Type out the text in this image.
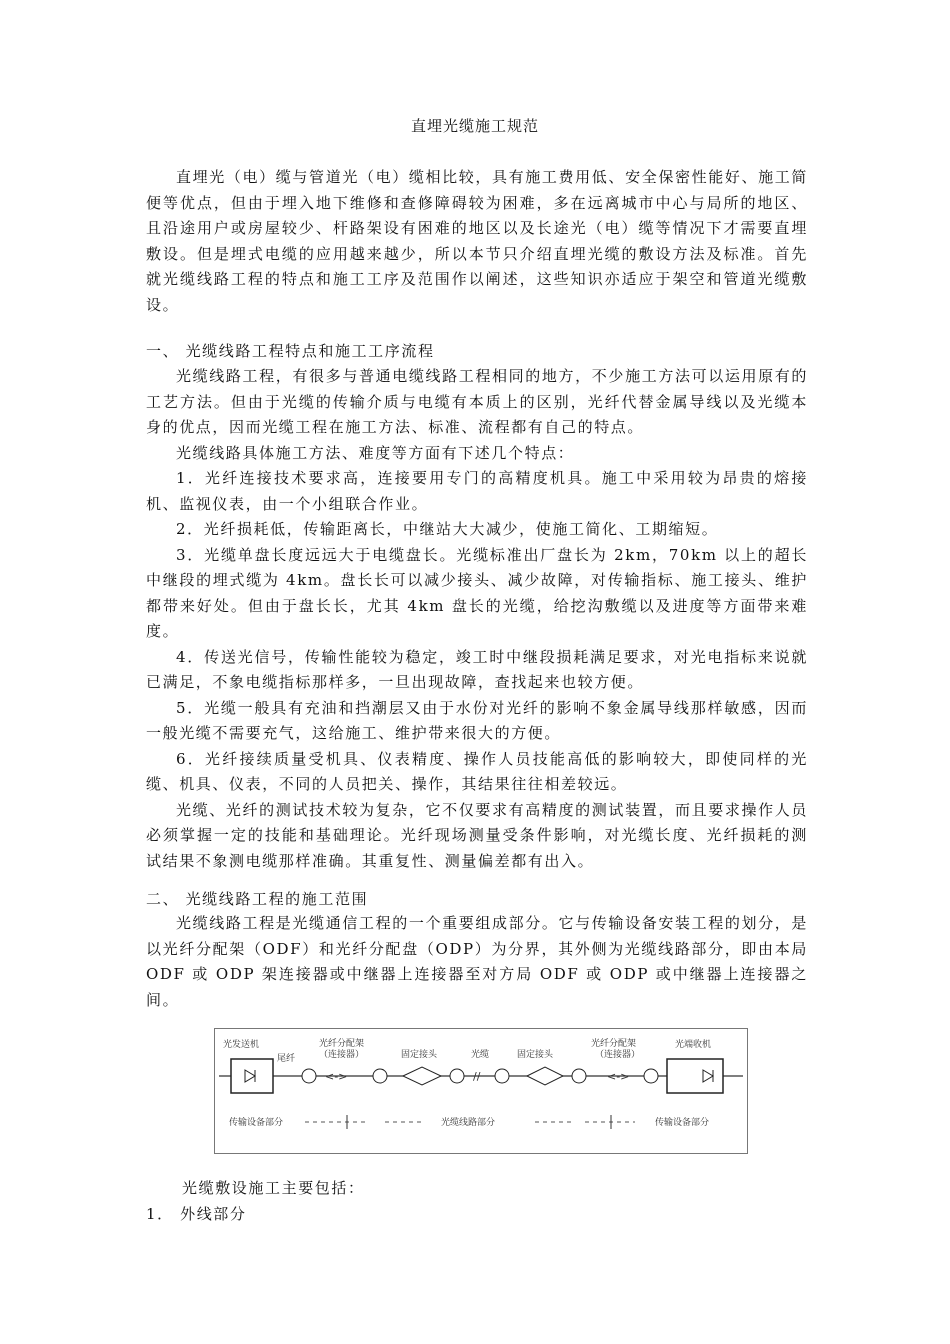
直埋光缆施工规范

直埋光（电）缆与管道光（电）缆相比较，具有施工费用低、安全保密性能好、施工简便等优点，但由于埋入地下维修和查修障碍较为困难，多在远离城市中心与局所的地区、且沿途用户或房屋较少、杆路架设有困难的地区以及长途光（电）缆等情况下才需要直埋敷设。但是埋式电缆的应用越来越少，所以本节只介绍直埋光缆的敷设方法及标准。首先就光缆线路工程的特点和施工工序及范围作以阐述，这些知识亦适应于架空和管道光缆敷设。

一、 光缆线路工程特点和施工工序流程

光缆线路工程，有很多与普通电缆线路工程相同的地方，不少施工方法可以运用原有的工艺方法。但由于光缆的传输介质与电缆有本质上的区别，光纤代替金属导线以及光缆本身的优点，因而光缆工程在施工方法、标准、流程都有自己的特点。

光缆线路具体施工方法、难度等方面有下述几个特点：

1．光纤连接技术要求高，连接要用专门的高精度机具。施工中采用较为昂贵的熔接机、监视仪表，由一个小组联合作业。

2．光纤损耗低，传输距离长，中继站大大减少，使施工简化、工期缩短。

3．光缆单盘长度远远大于电缆盘长。光缆标准出厂盘长为 2km，70km 以上的超长中继段的埋式缆为 4km。盘长长可以减少接头、减少故障，对传输指标、施工接头、维护都带来好处。但由于盘长长，尤其 4km 盘长的光缆，给挖沟敷缆以及进度等方面带来难度。

4．传送光信号，传输性能较为稳定，竣工时中继段损耗满足要求，对光电指标来说就已满足，不象电缆指标那样多，一旦出现故障，查找起来也较方便。

5．光缆一般具有充油和挡潮层又由于水份对光纤的影响不象金属导线那样敏感，因而一般光缆不需要充气，这给施工、维护带来很大的方便。

6．光纤接续质量受机具、仪表精度、操作人员技能高低的影响较大，即使同样的光缆、机具、仪表，不同的人员把关、操作，其结果往往相差较远。

光缆、光纤的测试技术较为复杂，它不仅要求有高精度的测试装置，而且要求操作人员必须掌握一定的技能和基础理论。光纤现场测量受条件影响，对光缆长度、光纤损耗的测试结果不象测电缆那样准确。其重复性、测量偏差都有出入。

二、 光缆线路工程的施工范围

光缆线路工程是光缆通信工程的一个重要组成部分。它与传输设备安装工程的划分，是以光纤分配架（ODF）和光纤分配盘（ODP）为分界，其外侧为光缆线路部分，即由本局 ODF 或 ODP 架连接器或中继器上连接器至对方局 ODF 或 ODP 或中继器上连接器之间。

光发送机
尾纤
光纤分配架
（连接器）
<->
固定接头	光缆
//
固定接头
光纤分配架
（连接器）
<->
光端收机
传输设备部分	光缆线路部分	传输设备部分
光缆敷设施工主要包括：
1． 外线部分
